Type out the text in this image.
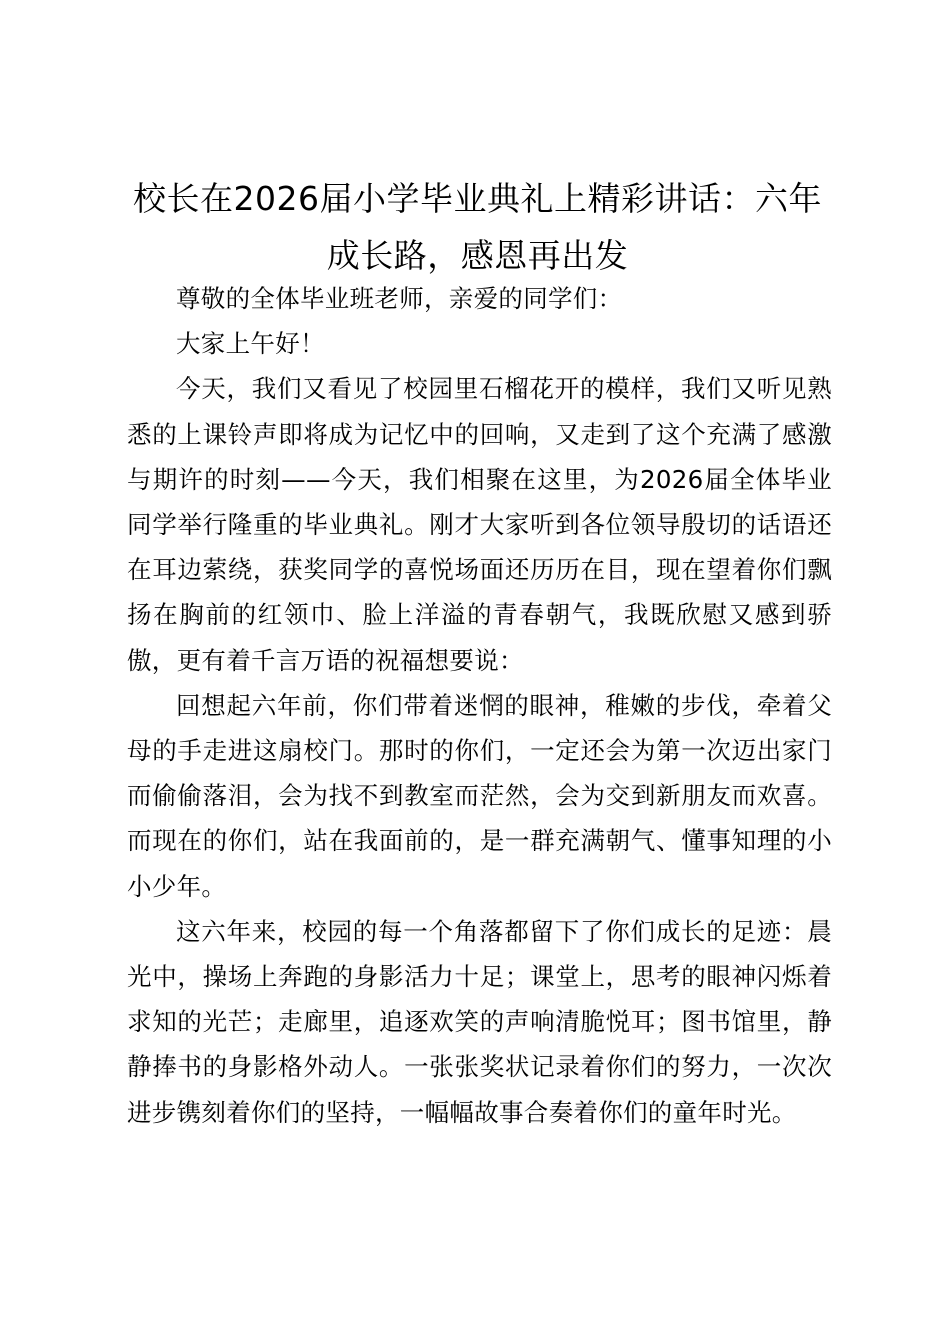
校长在2026届小学毕业典礼上精彩讲话：六年成长路，感恩再出发

尊敬的全体毕业班老师，亲爱的同学们：

大家上午好！

今天，我们又看见了校园里石榴花开的模样，我们又听见熟悉的上课铃声即将成为记忆中的回响，又走到了这个充满了感激与期许的时刻——今天，我们相聚在这里，为2026届全体毕业同学举行隆重的毕业典礼。刚才大家听到各位领导殷切的话语还在耳边萦绕，获奖同学的喜悦场面还历历在目，现在望着你们飘扬在胸前的红领巾、脸上洋溢的青春朝气，我既欣慰又感到骄傲，更有着千言万语的祝福想要说：

回想起六年前，你们带着迷惘的眼神，稚嫩的步伐，牵着父母的手走进这扇校门。那时的你们，一定还会为第一次迈出家门而偷偷落泪，会为找不到教室而茫然，会为交到新朋友而欢喜。而现在的你们，站在我面前的，是一群充满朝气、懂事知理的小小少年。

这六年来，校园的每一个角落都留下了你们成长的足迹：晨光中，操场上奔跑的身影活力十足；课堂上，思考的眼神闪烁着求知的光芒；走廊里，追逐欢笑的声响清脆悦耳；图书馆里，静静捧书的身影格外动人。一张张奖状记录着你们的努力，一次次进步镌刻着你们的坚持，一幅幅故事合奏着你们的童年时光。
